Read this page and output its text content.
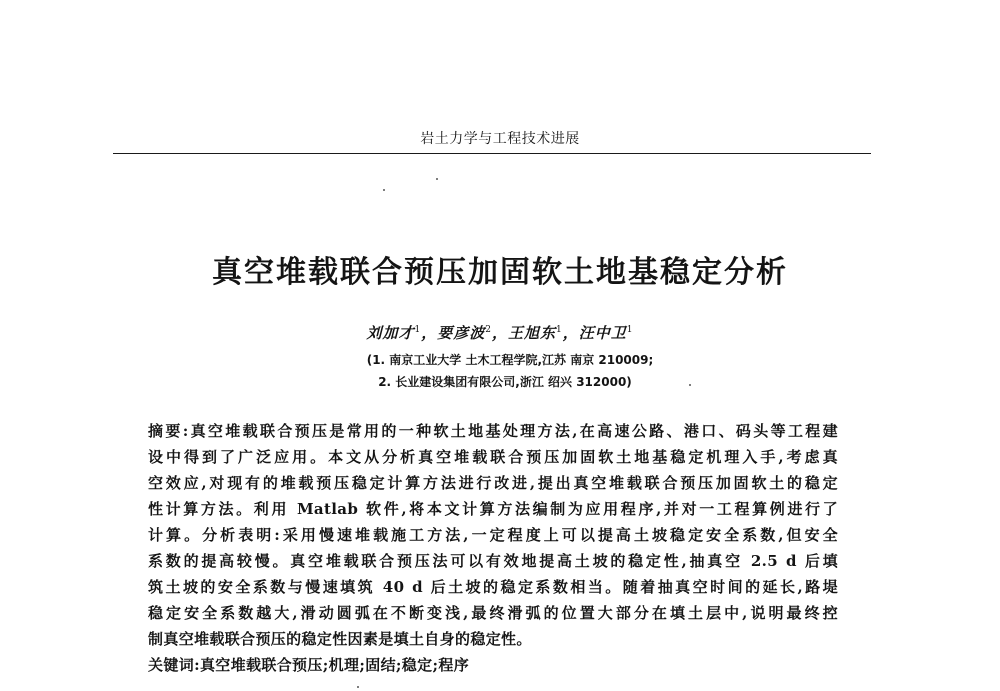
岩土力学与工程技术进展
真空堆载联合预压加固软土地基稳定分析
刘加才$^1$，要彦波$^2$，王旭东$^1$，汪中卫$^1$
(1. 南京工业大学 土木工程学院,江苏 南京 210009;
2. 长业建设集团有限公司,浙江 绍兴 312000)
摘要:真空堆载联合预压是常用的一种软土地基处理方法,在高速公路、港口、码头等工程建
设中得到了广泛应用。本文从分析真空堆载联合预压加固软土地基稳定机理入手,考虑真
空效应,对现有的堆载预压稳定计算方法进行改进,提出真空堆载联合预压加固软土的稳定
性计算方法。利用 Matlab 软件,将本文计算方法编制为应用程序,并对一工程算例进行了
计算。分析表明:采用慢速堆载施工方法,一定程度上可以提高土坡稳定安全系数,但安全
系数的提高较慢。真空堆载联合预压法可以有效地提高土坡的稳定性,抽真空 2.5 d 后填
筑土坡的安全系数与慢速填筑 40 d 后土坡的稳定系数相当。随着抽真空时间的延长,路堤
稳定安全系数越大,滑动圆弧在不断变浅,最终滑弧的位置大部分在填土层中,说明最终控
制真空堆载联合预压的稳定性因素是填土自身的稳定性。
关键词:真空堆载联合预压;机理;固结;稳定;程序
